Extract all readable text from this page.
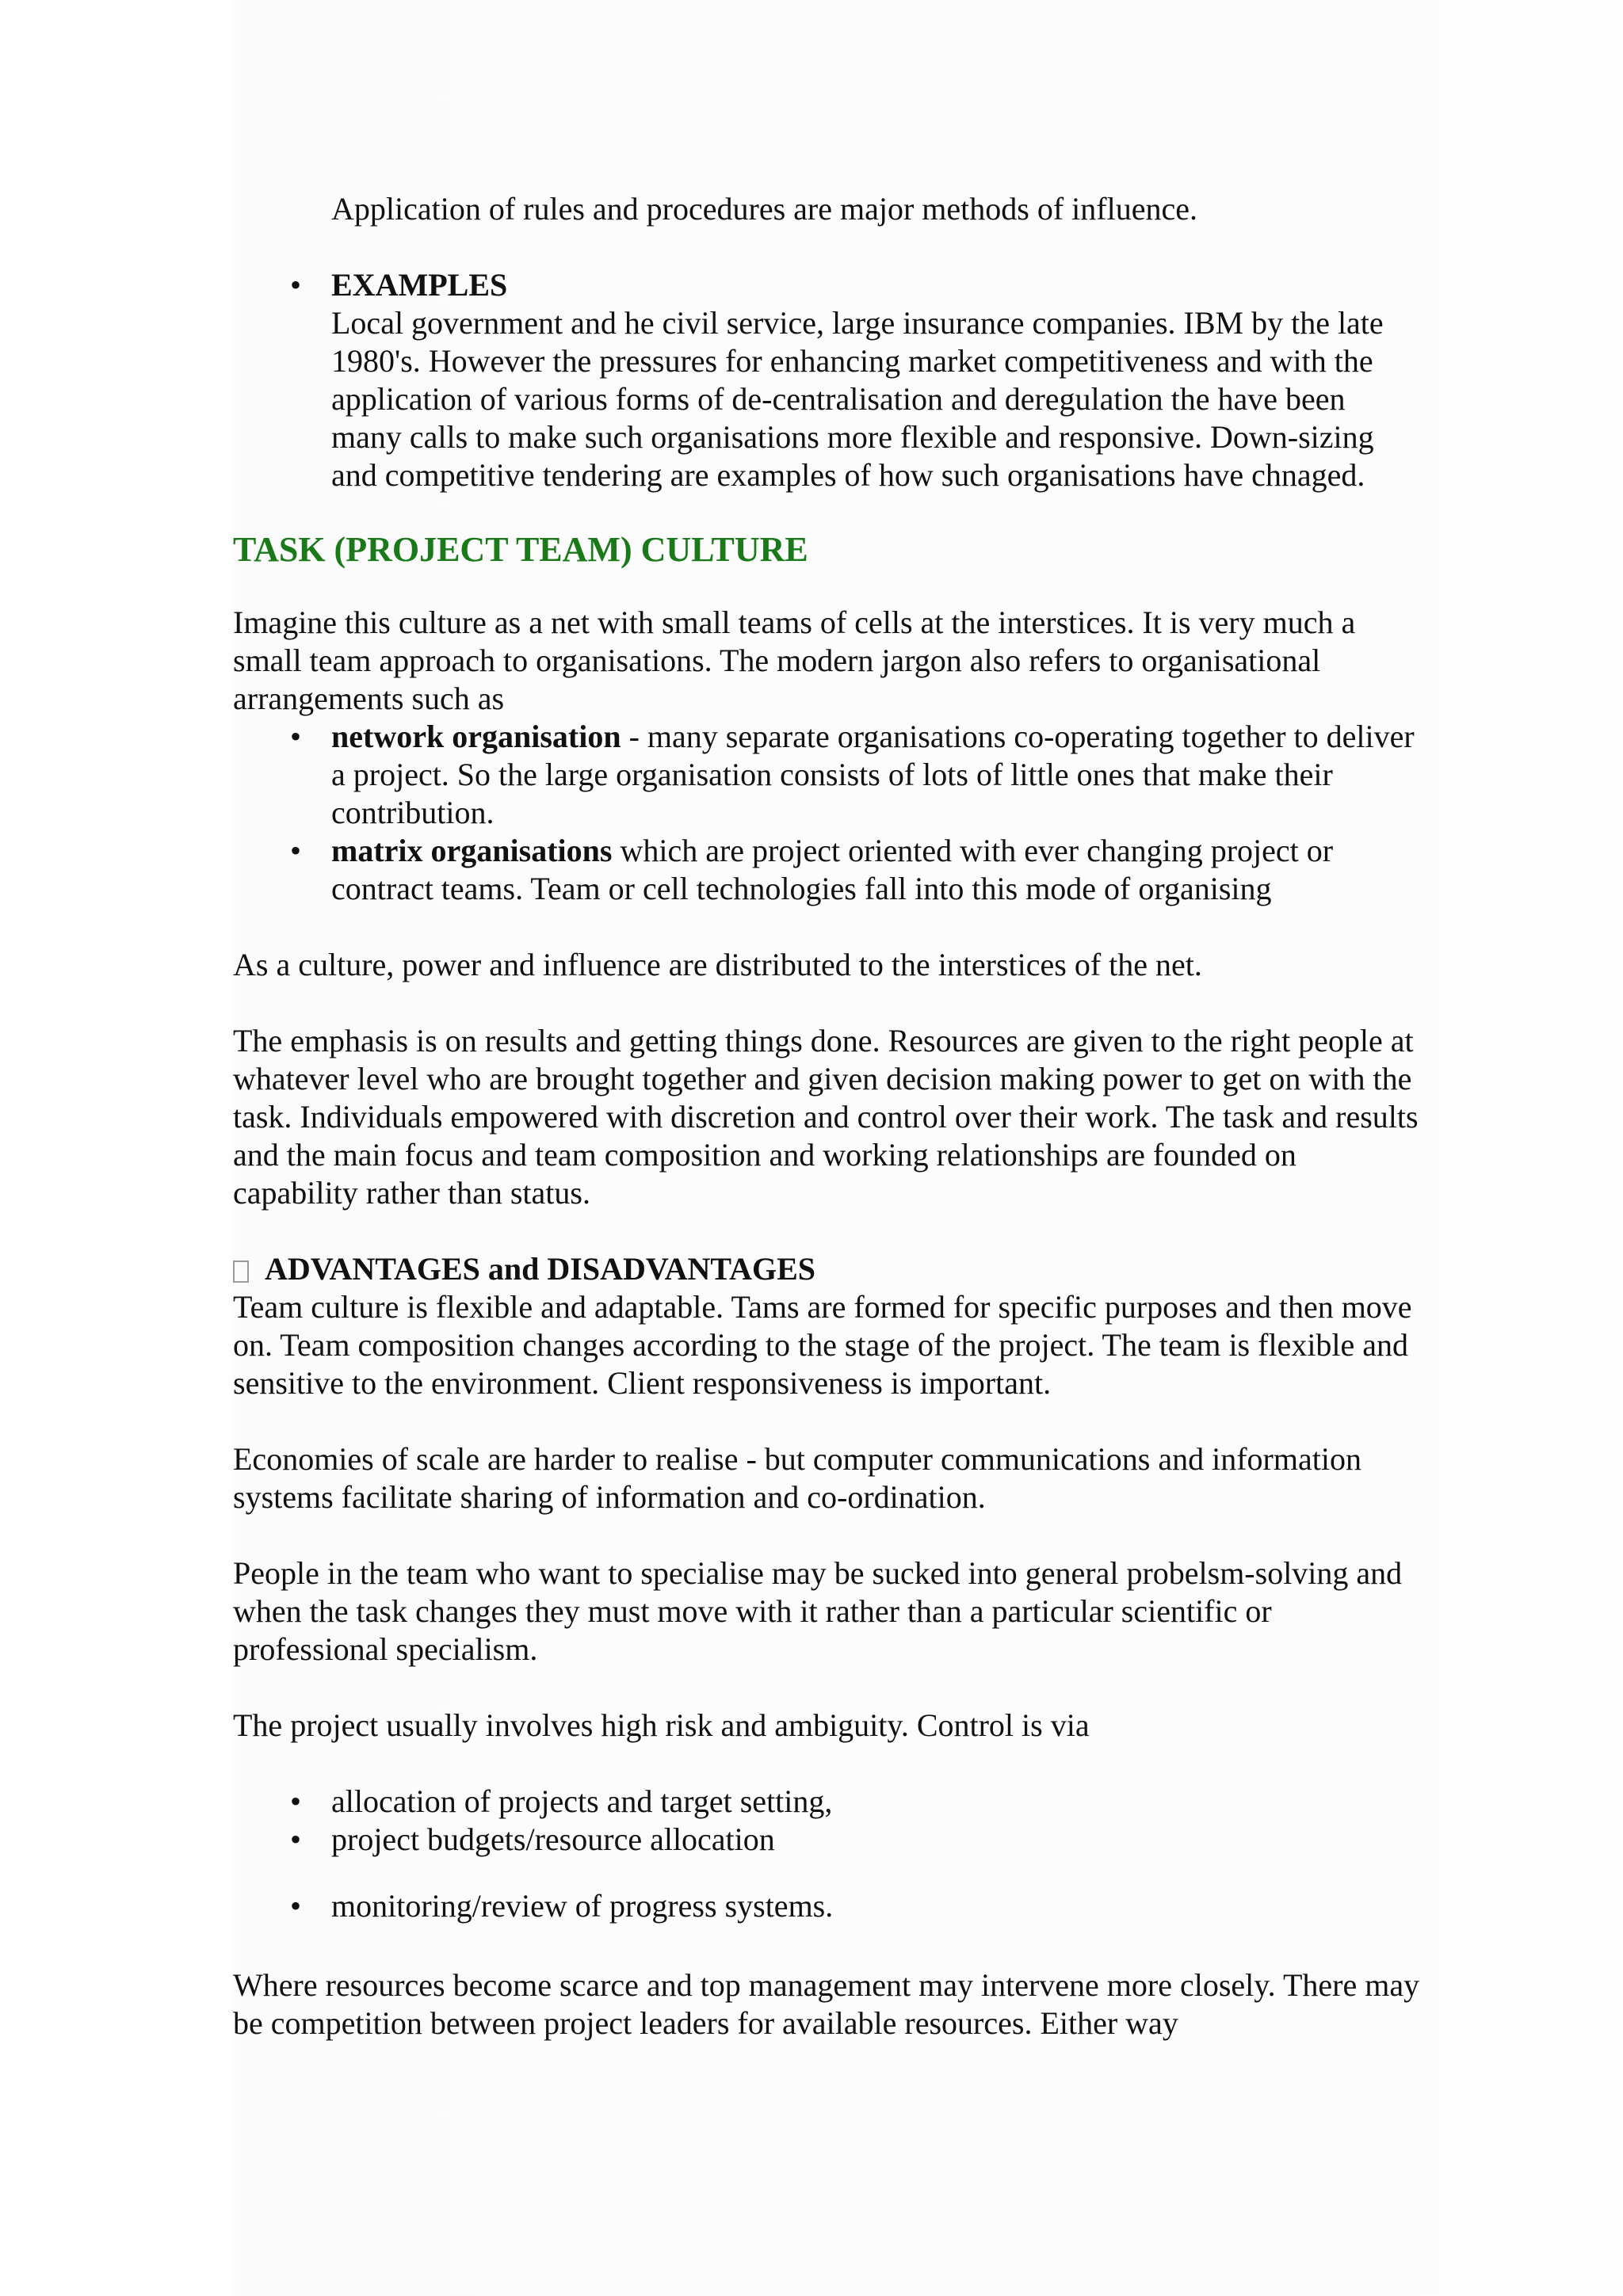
Application of rules and procedures are major methods of influence.

• EXAMPLES
Local government and he civil service, large insurance companies. IBM by the late 1980's. However the pressures for enhancing market competitiveness and with the application of various forms of de-centralisation and deregulation the have been many calls to make such organisations more flexible and responsive. Down-sizing and competitive tendering are examples of how such organisations have chnaged.
TASK (PROJECT TEAM) CULTURE

Imagine this culture as a net with small teams of cells at the interstices. It is very much a small team approach to organisations. The modern jargon also refers to organisational arrangements such as

• network organisation - many separate organisations co-operating together to deliver a project. So the large organisation consists of lots of little ones that make their contribution.
• matrix organisations which are project oriented with ever changing project or contract teams. Team or cell technologies fall into this mode of organising

As a culture, power and influence are distributed to the interstices of the net.

The emphasis is on results and getting things done. Resources are given to the right people at whatever level who are brought together and given decision making power to get on with the task. Individuals empowered with discretion and control over their work. The task and results and the main focus and team composition and working relationships are founded on capability rather than status.

ADVANTAGES and DISADVANTAGES

Team culture is flexible and adaptable. Tams are formed for specific purposes and then move on. Team composition changes according to the stage of the project. The team is flexible and sensitive to the environment. Client responsiveness is important.

Economies of scale are harder to realise - but computer communications and information systems facilitate sharing of information and co-ordination.

People in the team who want to specialise may be sucked into general probelsm-solving and when the task changes they must move with it rather than a particular scientific or professional specialism.

The project usually involves high risk and ambiguity. Control is via

• allocation of projects and target setting,
• project budgets/resource allocation
• monitoring/review of progress systems.

Where resources become scarce and top management may intervene more closely. There may be competition between project leaders for available resources. Either way
